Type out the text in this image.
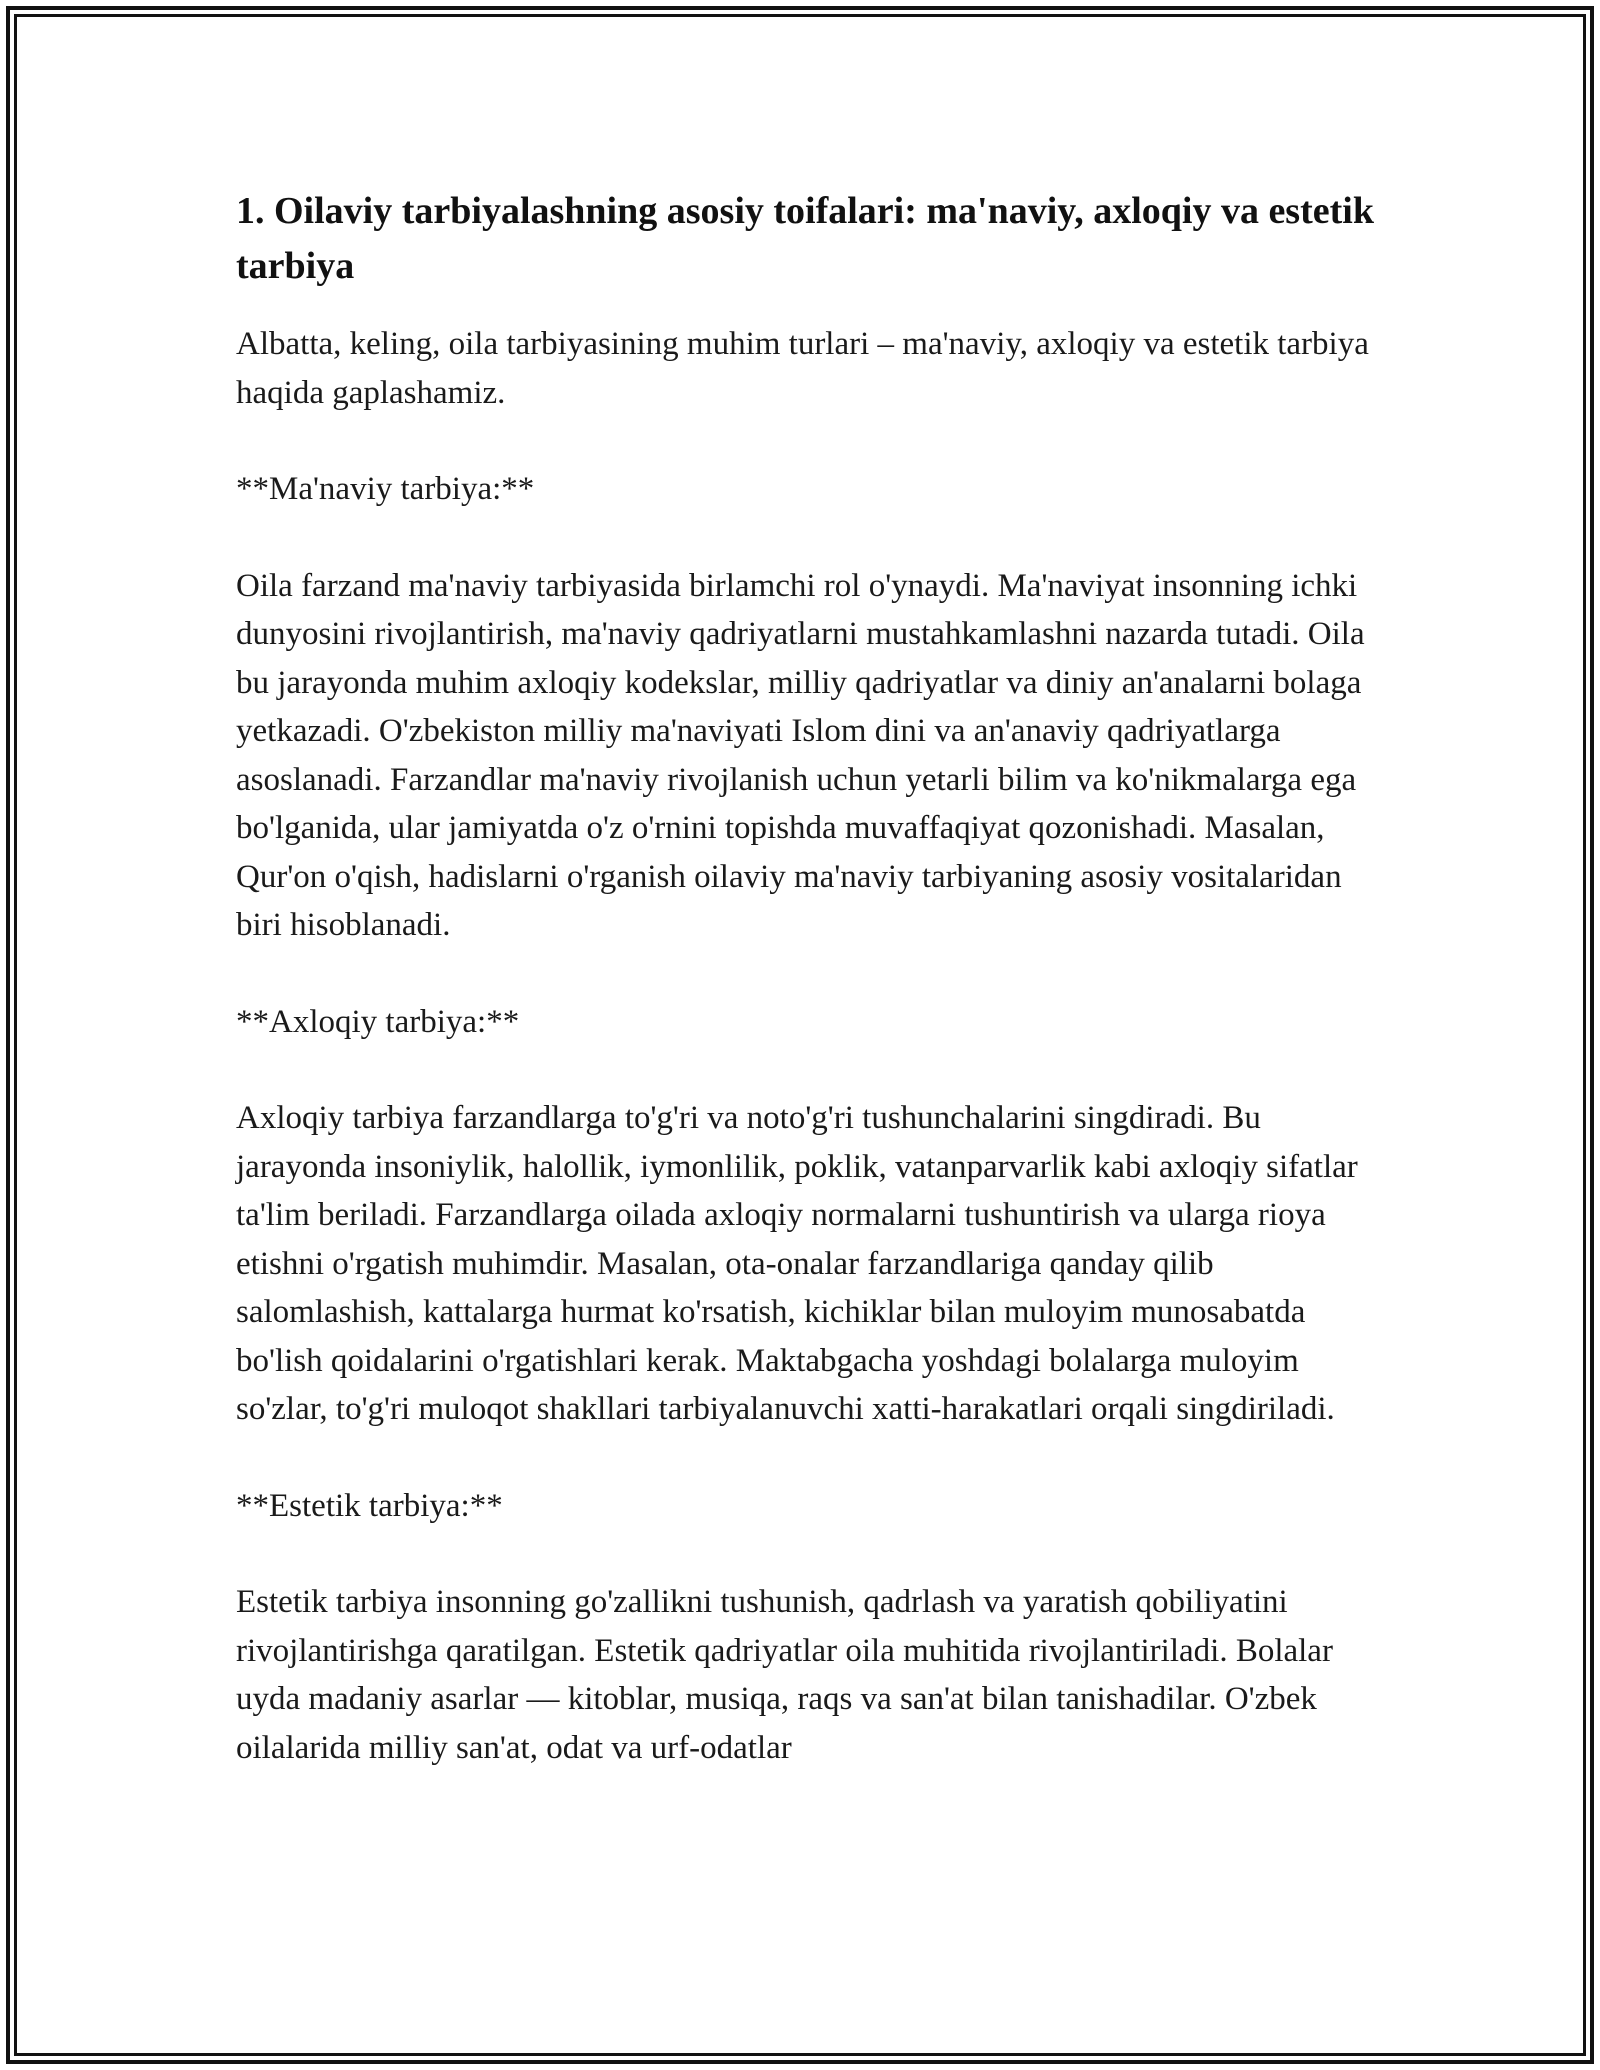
1. Oilaviy tarbiyalashning asosiy toifalari: ma'naviy, axloqiy va estetik tarbiya

Albatta, keling, oila tarbiyasining muhim turlari – ma'naviy, axloqiy va estetik tarbiya haqida gaplashamiz.

**Ma'naviy tarbiya:**

Oila farzand ma'naviy tarbiyasida birlamchi rol o'ynaydi. Ma'naviyat insonning ichki dunyosini rivojlantirish, ma'naviy qadriyatlarni mustahkamlashni nazarda tutadi. Oila bu jarayonda muhim axloqiy kodekslar, milliy qadriyatlar va diniy an'analarni bolaga yetkazadi. O'zbekiston milliy ma'naviyati Islom dini va an'anaviy qadriyatlarga asoslanadi. Farzandlar ma'naviy rivojlanish uchun yetarli bilim va ko'nikmalarga ega bo'lganida, ular jamiyatda o'z o'rnini topishda muvaffaqiyat qozonishadi. Masalan, Qur'on o'qish, hadislarni o'rganish oilaviy ma'naviy tarbiyaning asosiy vositalaridan biri hisoblanadi.

**Axloqiy tarbiya:**

Axloqiy tarbiya farzandlarga to'g'ri va noto'g'ri tushunchalarini singdiradi. Bu jarayonda insoniylik, halollik, iymonlilik, poklik, vatanparvarlik kabi axloqiy sifatlar ta'lim beriladi. Farzandlarga oilada axloqiy normalarni tushuntirish va ularga rioya etishni o'rgatish muhimdir. Masalan, ota-onalar farzandlariga qanday qilib salomlashish, kattalarga hurmat ko'rsatish, kichiklar bilan muloyim munosabatda bo'lish qoidalarini o'rgatishlari kerak. Maktabgacha yoshdagi bolalarga muloyim so'zlar, to'g'ri muloqot shakllari tarbiyalanuvchi xatti-harakatlari orqali singdiriladi.

**Estetik tarbiya:**

Estetik tarbiya insonning go'zallikni tushunish, qadrlash va yaratish qobiliyatini rivojlantirishga qaratilgan. Estetik qadriyatlar oila muhitida rivojlantiriladi. Bolalar uyda madaniy asarlar — kitoblar, musiqa, raqs va san'at bilan tanishadilar. O'zbek oilalarida milliy san'at, odat va urf-odatlar
